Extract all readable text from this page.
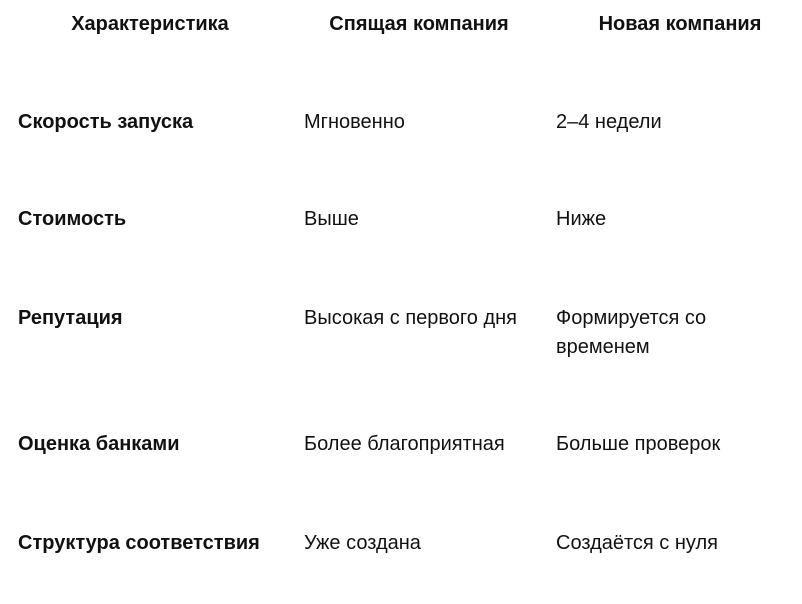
Характеристика	Спящая компания	Новая компания
Скорость запуска	Мгновенно	2–4 недели
Стоимость	Выше	Ниже
Репутация	Высокая с первого дня	Формируется со временем
Оценка банками	Более благоприятная	Больше проверок
Структура соответствия	Уже создана	Создаётся с нуля
